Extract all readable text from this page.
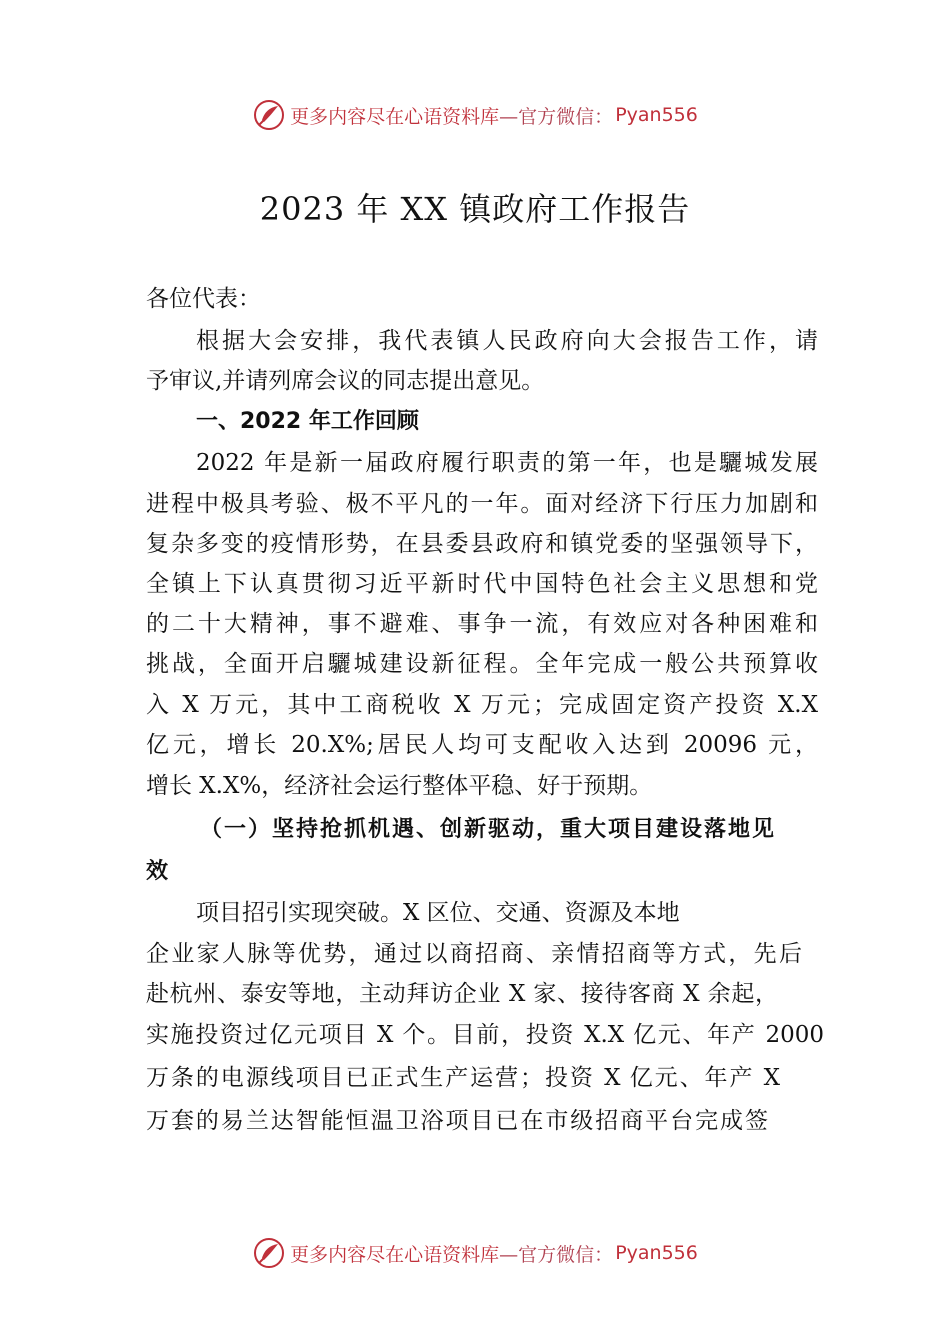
更多内容尽在心语资料库 —官方微信： Pyan556
2023 年 XX 镇政府工作报告
各位代表：
根据大会安排，我代表镇人民政府向大会报告工作，请
予审议,并请列席会议的同志提出意见。
一、2022 年工作回顾
2022 年是新一届政府履行职责的第一年，也是驪城发展
进程中极具考验、极不平凡的一年。面对经济下行压力加剧和
复杂多变的疫情形势，在县委县政府和镇党委的坚强领导下，
全镇上下认真贯彻习近平新时代中国特色社会主义思想和党
的二十大精神，事不避难、事争一流，有效应对各种困难和
挑战，全面开启驪城建设新征程。全年完成一般公共预算收
入 X 万元，其中工商税收 X 万元；完成固定资产投资 X.X
亿元，增长 20.X%;居民人均可支配收入达到 20096 元，
增长 X.X%，经济社会运行整体平稳、好于预期。
（一）坚持抢抓机遇、创新驱动，重大项目建设落地见
效
项目招引实现突破。X 区位、交通、资源及本地
企业家人脉等优势，通过以商招商、亲情招商等方式，先后
赴杭州、泰安等地，主动拜访企业 X 家、接待客商 X 余起，
实施投资过亿元项目 X 个。目前，投资 X.X 亿元、年产 2000
万条的电源线项目已正式生产运营；投资 X 亿元、年产 X
万套的易兰达智能恒温卫浴项目已在市级招商平台完成签
更多内容尽在心语资料库 —官方微信： Pyan556
